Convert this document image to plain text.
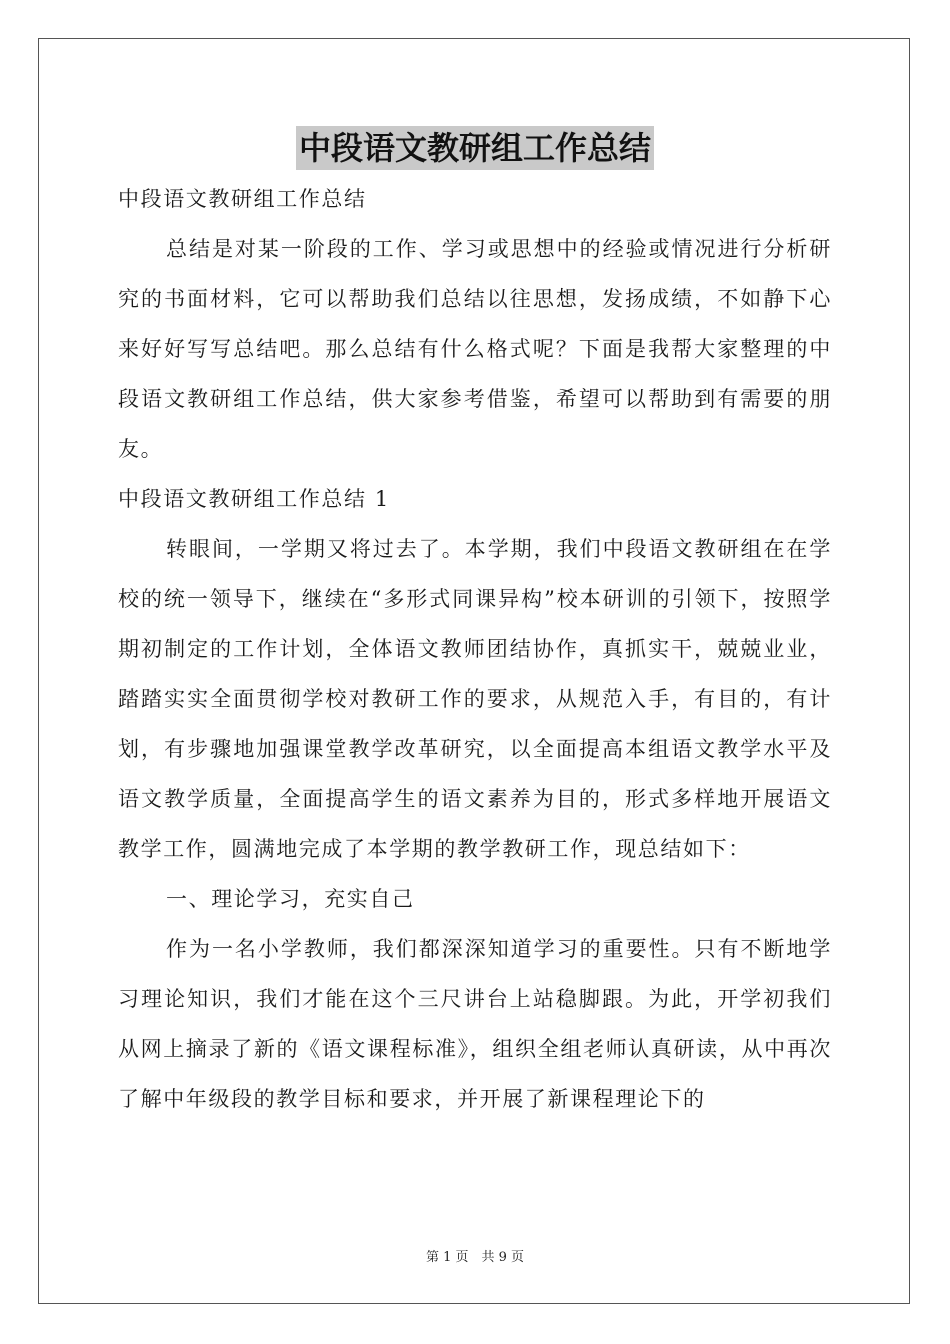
中段语文教研组工作总结

中段语文教研组工作总结

总结是对某一阶段的工作、学习或思想中的经验或情况进行分析研究的书面材料，它可以帮助我们总结以往思想，发扬成绩，不如静下心来好好写写总结吧。那么总结有什么格式呢？下面是我帮大家整理的中段语文教研组工作总结，供大家参考借鉴，希望可以帮助到有需要的朋友。

中段语文教研组工作总结 1

转眼间，一学期又将过去了。本学期，我们中段语文教研组在在学校的统一领导下，继续在“多形式同课异构”校本研训的引领下，按照学期初制定的工作计划，全体语文教师团结协作，真抓实干，兢兢业业，踏踏实实全面贯彻学校对教研工作的要求，从规范入手，有目的，有计划，有步骤地加强课堂教学改革研究，以全面提高本组语文教学水平及语文教学质量，全面提高学生的语文素养为目的，形式多样地开展语文教学工作，圆满地完成了本学期的教学教研工作，现总结如下：

一、理论学习，充实自己

作为一名小学教师，我们都深深知道学习的重要性。只有不断地学习理论知识，我们才能在这个三尺讲台上站稳脚跟。为此，开学初我们从网上摘录了新的《语文课程标准》，组织全组老师认真研读，从中再次了解中年级段的教学目标和要求，并开展了新课程理论下的

第 1 页　共 9 页
